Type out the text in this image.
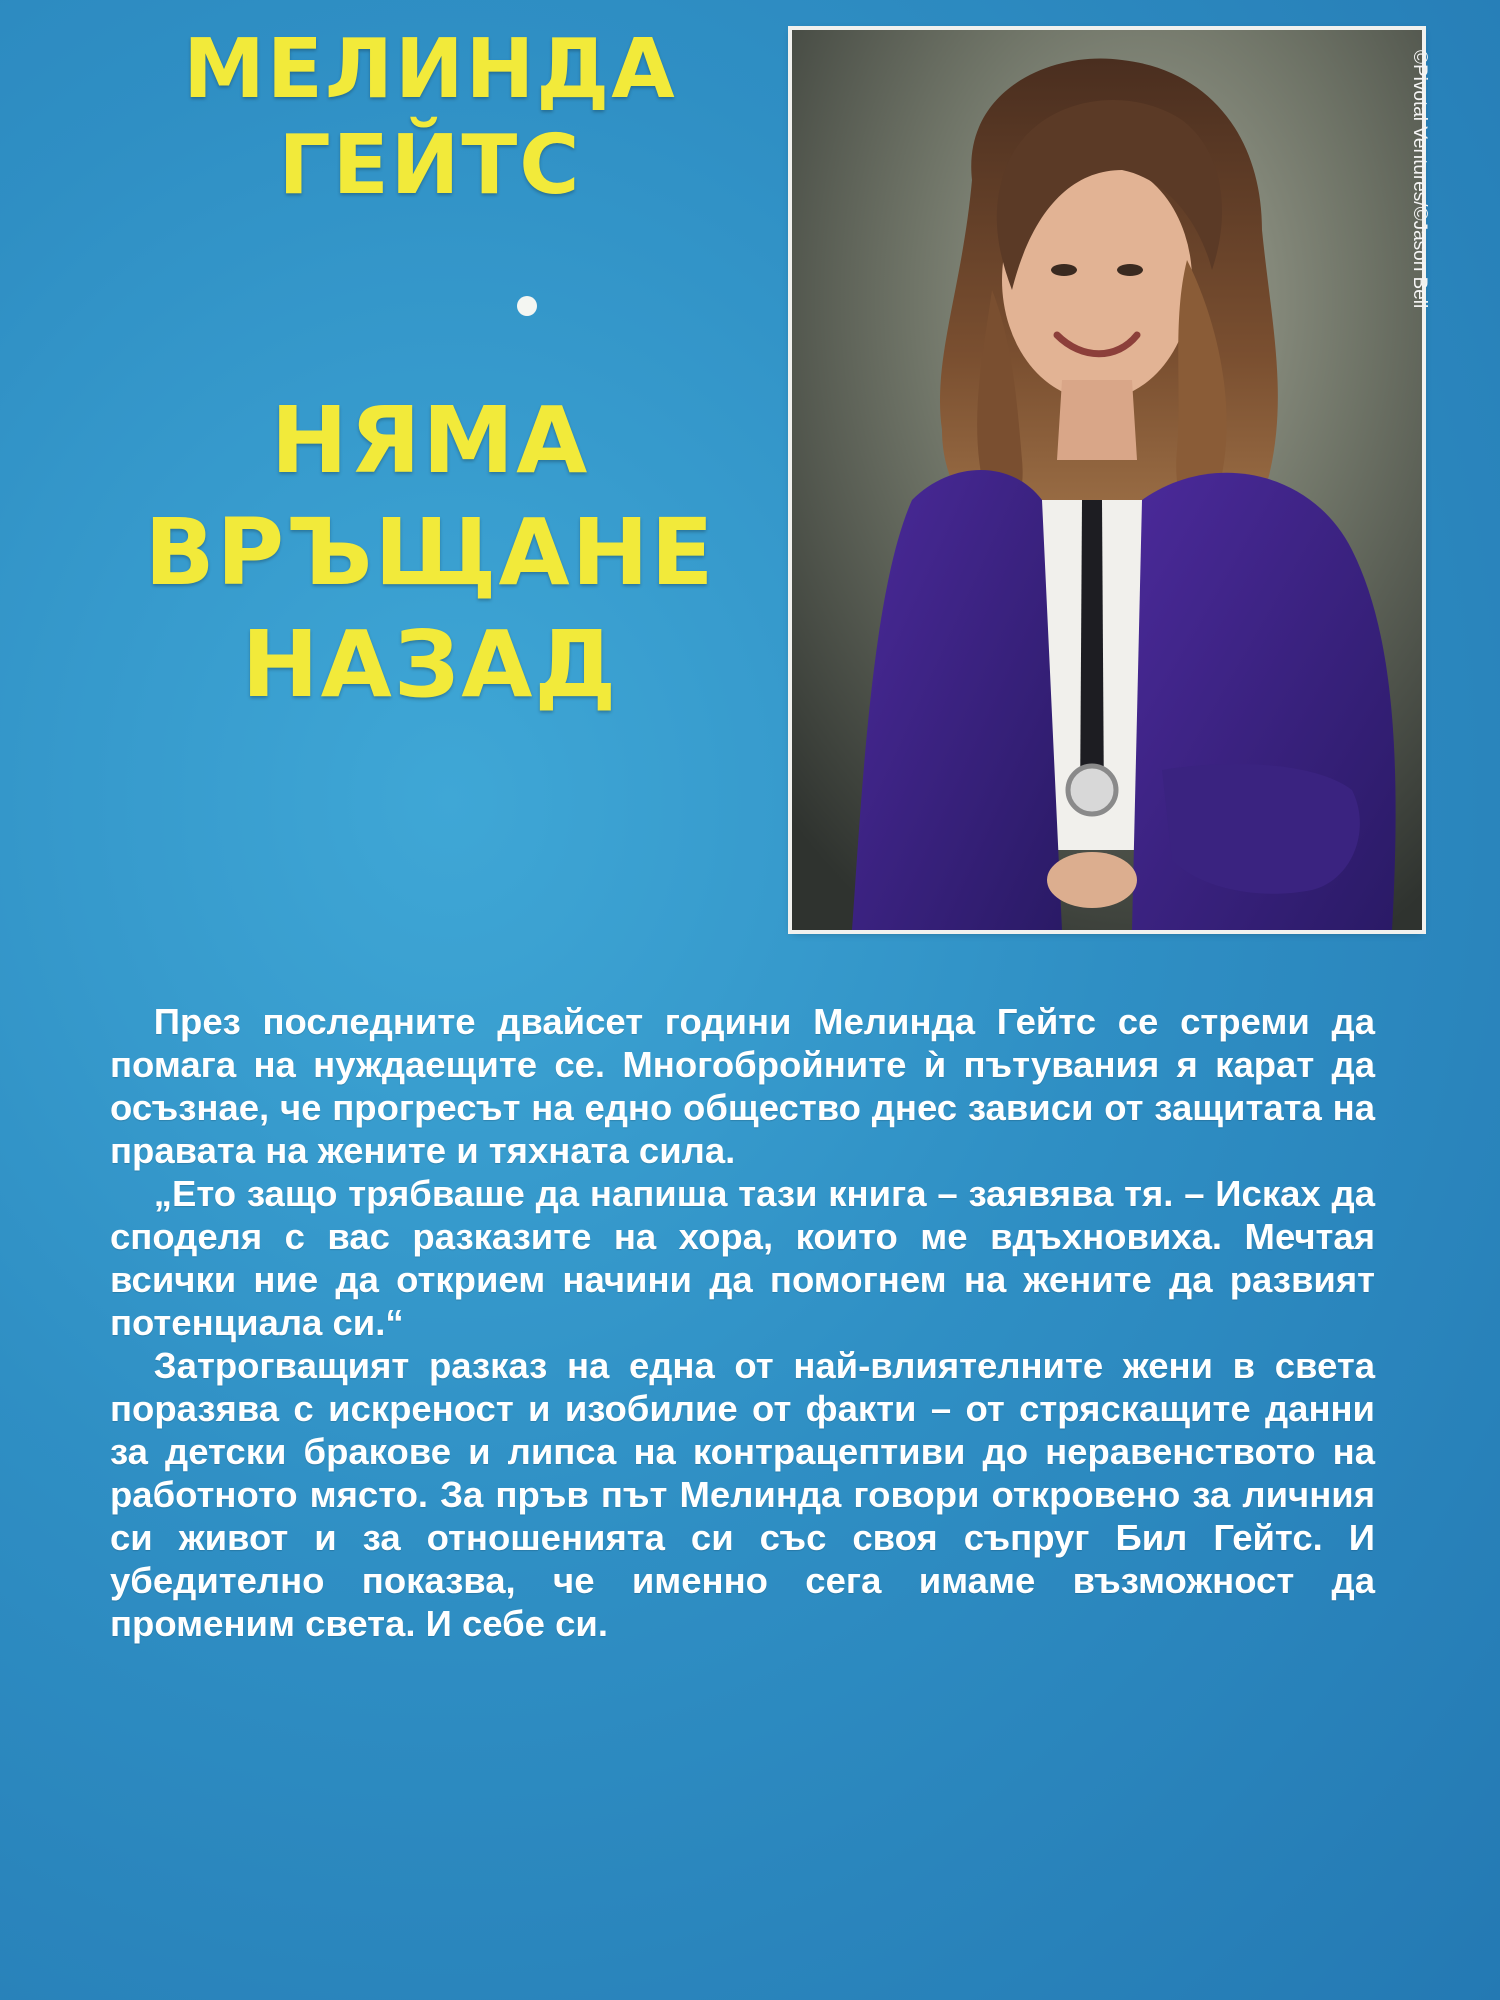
МЕЛИНДА
ГЕЙТС
НЯМА
ВРЪЩАНЕ
НАЗАД
©Pivotal Ventures/©Jason Bell

През последните двайсет години Мелинда Гейтс се стреми да помага на нуждаещите се. Многобройните ѝ пътувания я карат да осъзнае, че прогресът на едно общество днес зависи от защитата на правата на жените и тяхната сила.

„Ето защо трябваше да напиша тази книга – заявява тя. – Исках да споделя с вас разказите на хора, които ме вдъхновиха. Мечтая всички ние да открием начини да помогнем на жените да развият потенциала си.“

Затрогващият разказ на една от най-влиятелните жени в света поразява с искреност и изобилие от факти – от стряскащите данни за детски бракове и липса на контрацептиви до неравенството на работното място. За пръв път Мелинда говори откровено за личния си живот и за отношенията си със своя съпруг Бил Гейтс. И убедително показва, че именно сега имаме възможност да променим света. И себе си.
